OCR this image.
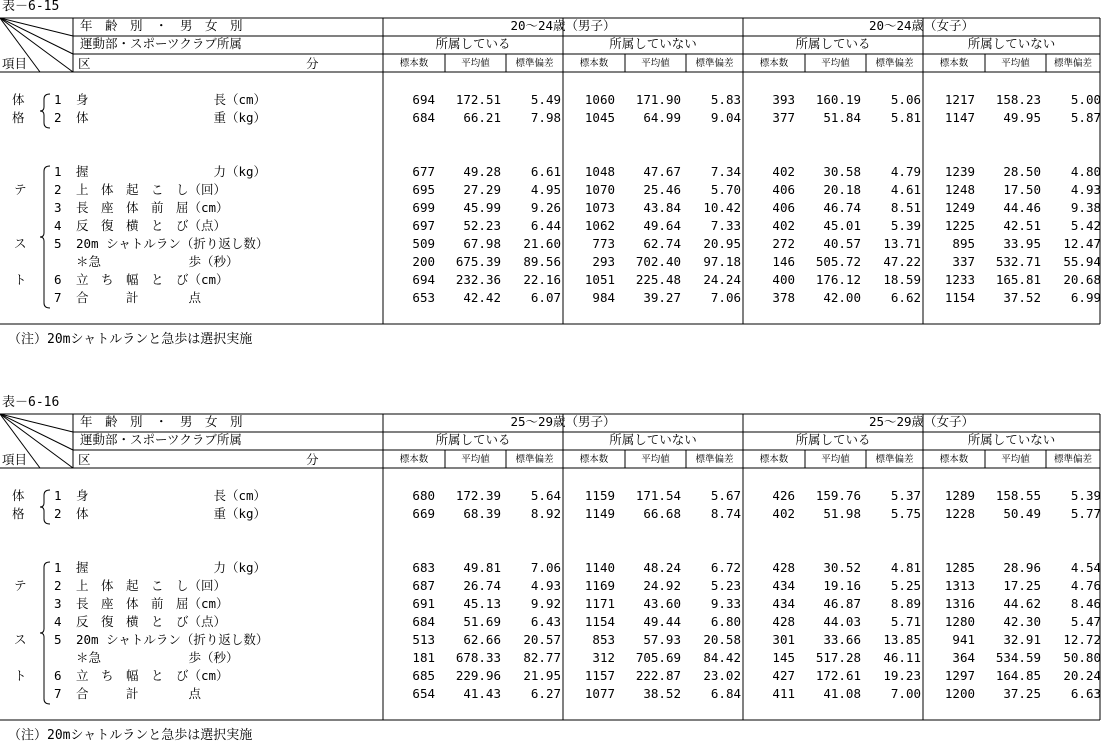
表－6-15
年　齢　別　・　男　女　別
運動部・スポーツクラブ所属
項目	区	分
20～24歳（男子）	20～24歳（女子）
所属している
標本数	平均値	標準偏差
所属していない
標本数	平均値	標準偏差
所属している
標本数	平均値	標準偏差
所属していない
標本数	平均値	標準偏差
体
格
テ
ス
ト
1 身　　　　　　　　　　長（cm）	694	172.51	5.49	1060	171.90	5.83	393	160.19	5.06	1217	158.23	5.00
2 体　　　　　　　　　　重（kg）	684	66.21	7.98	1045	64.99	9.04	377	51.84	5.81	1147	49.95	5.87
1 握　　　　　　　　　　力（kg）	677	49.28	6.61	1048	47.67	7.34	402	30.58	4.79	1239	28.50	4.80
2 上　体　起　こ　し（回）	695	27.29	4.95	1070	25.46	5.70	406	20.18	4.61	1248	17.50	4.93
3 長　座　体　前　屈（cm）	699	45.99	9.26	1073	43.84	10.42	406	46.74	8.51	1249	44.46	9.38
4 反　復　横　と　び（点）	697	52.23	6.44	1062	49.64	7.33	402	45.01	5.39	1225	42.51	5.42
5 20m シャトルラン（折り返し数）	509	67.98	21.60	773	62.74	20.95	272	40.57	13.71	895	33.95	12.47
＊急　　　　　　　歩（秒）	200	675.39	89.56	293	702.40	97.18	146	505.72	47.22	337	532.71	55.94
6 立　ち　幅　と　び（cm）	694	232.36	22.16	1051	225.48	24.24	400	176.12	18.59	1233	165.81	20.68
7 合　　　計　　　　点	653	42.42	6.07	984	39.27	7.06	378	42.00	6.62	1154	37.52	6.99
（注）20mシャトルランと急歩は選択実施
表－6-16
年　齢　別　・　男　女　別
運動部・スポーツクラブ所属
項目	区	分
25～29歳（男子）	25～29歳（女子）
所属している
標本数	平均値	標準偏差
所属していない
標本数	平均値	標準偏差
所属している
標本数	平均値	標準偏差
所属していない
標本数	平均値	標準偏差
体
格
テ
ス
ト
1 身　　　　　　　　　　長（cm）	680	172.39	5.64	1159	171.54	5.67	426	159.76	5.37	1289	158.55	5.39
2 体　　　　　　　　　　重（kg）	669	68.39	8.92	1149	66.68	8.74	402	51.98	5.75	1228	50.49	5.77
1 握　　　　　　　　　　力（kg）	683	49.81	7.06	1140	48.24	6.72	428	30.52	4.81	1285	28.96	4.54
2 上　体　起　こ　し（回）	687	26.74	4.93	1169	24.92	5.23	434	19.16	5.25	1313	17.25	4.76
3 長　座　体　前　屈（cm）	691	45.13	9.92	1171	43.60	9.33	434	46.87	8.89	1316	44.62	8.46
4 反　復　横　と　び（点）	684	51.69	6.43	1154	49.44	6.80	428	44.03	5.71	1280	42.30	5.47
5 20m シャトルラン（折り返し数）	513	62.66	20.57	853	57.93	20.58	301	33.66	13.85	941	32.91	12.72
＊急　　　　　　　歩（秒）	181	678.33	82.77	312	705.69	84.42	145	517.28	46.11	364	534.59	50.80
6 立　ち　幅　と　び（cm）	685	229.96	21.95	1157	222.87	23.02	427	172.61	19.23	1297	164.85	20.24
7 合　　　計　　　　点	654	41.43	6.27	1077	38.52	6.84	411	41.08	7.00	1200	37.25	6.63
（注）20mシャトルランと急歩は選択実施
